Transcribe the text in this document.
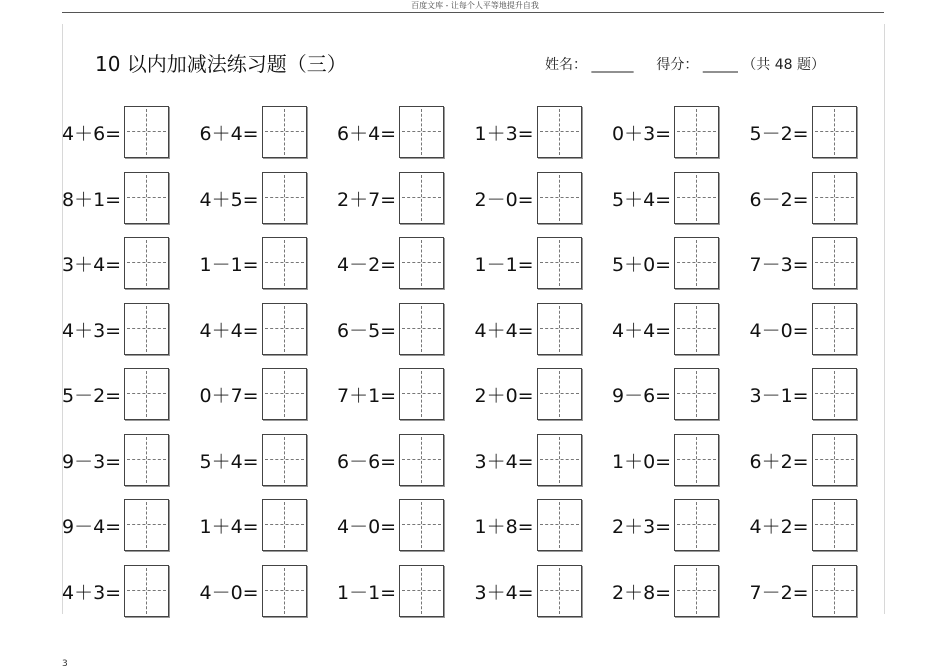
百度文库 - 让每个人平等地提升自我
10 以内加减法练习题（三）	姓名： ______ 得分： _____ （共 48 题）
4＋6=	6＋4=	6＋4=	1＋3=	0＋3=	5－2=
8＋1=	4＋5=	2＋7=	2－0=	5＋4=	6－2=
3＋4=	1－1=	4－2=	1－1=	5＋0=	7－3=
4＋3=	4＋4=	6－5=	4＋4=	4＋4=	4－0=
5－2=	0＋7=	7＋1=	2＋0=	9－6=	3－1=
9－3=	5＋4=	6－6=	3＋4=	1＋0=	6＋2=
9－4=	1＋4=	4－0=	1＋8=	2＋3=	4＋2=
4＋3=	4－0=	1－1=	3＋4=	2＋8=	7－2=
3
